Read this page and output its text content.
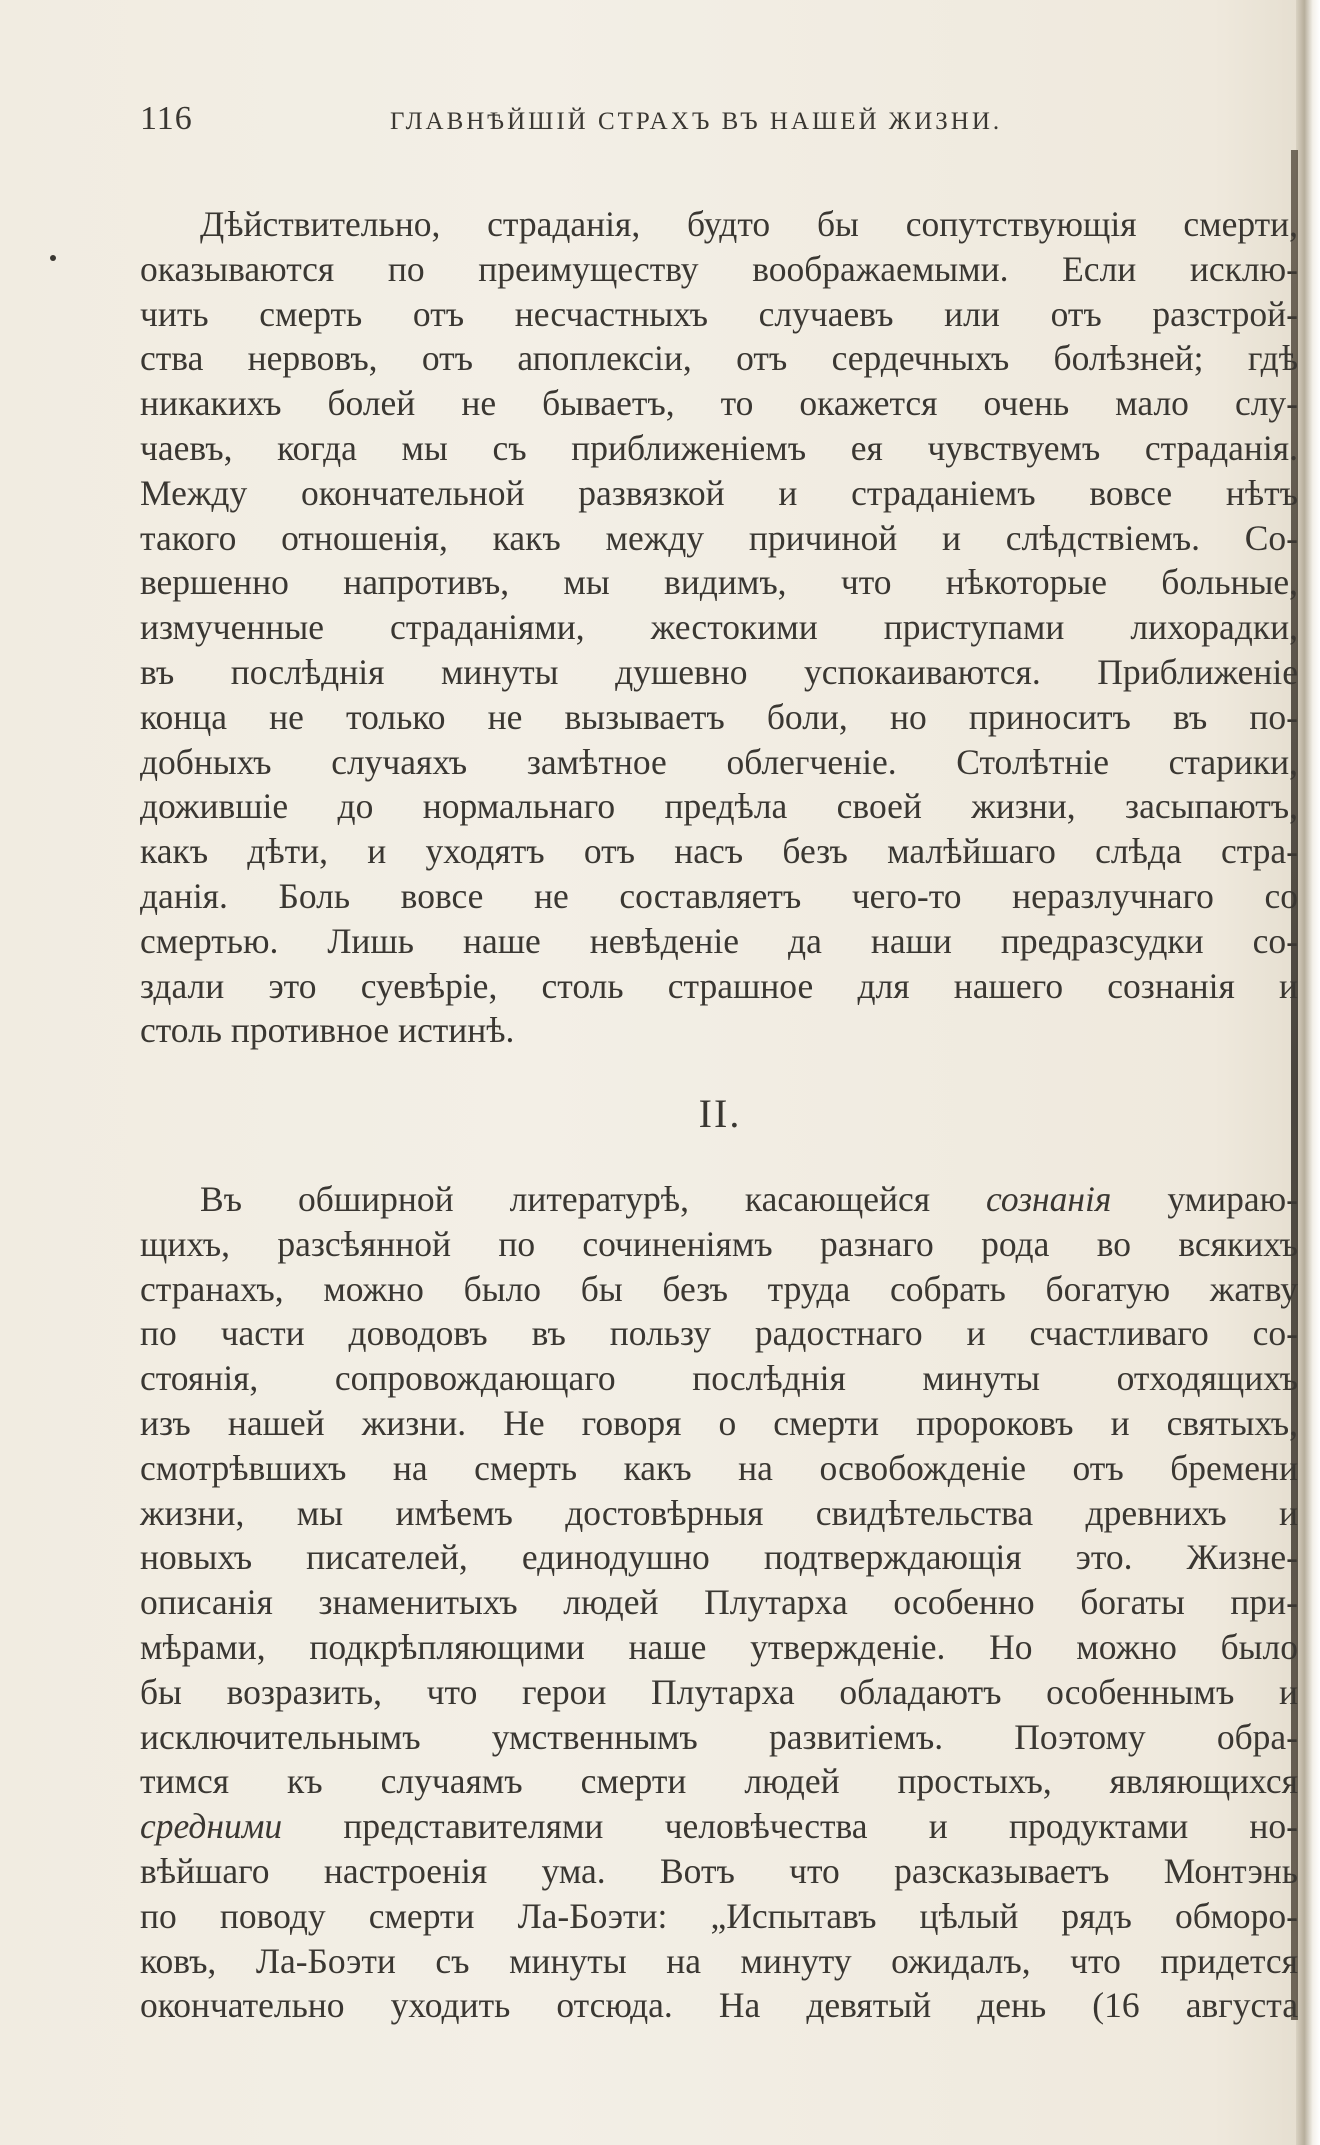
116	ГЛАВНѢЙШІЙ СТРАХЪ ВЪ НАШЕЙ ЖИЗНИ.

Дѣйствительно, страданія, будто бы сопутствующія смерти,
оказываются по преимуществу воображаемыми. Если исклю-
чить смерть отъ несчастныхъ случаевъ или отъ разстрой-
ства нервовъ, отъ апоплексіи, отъ сердечныхъ болѣзней; гдѣ
никакихъ болей не бываетъ, то окажется очень мало слу-
чаевъ, когда мы съ приближеніемъ ея чувствуемъ страданія.
Между окончательной развязкой и страданіемъ вовсе нѣтъ
такого отношенія, какъ между причиной и слѣдствіемъ. Со-
вершенно напротивъ, мы видимъ, что нѣкоторые больные,
измученные страданіями, жестокими приступами лихорадки,
въ послѣднія минуты душевно успокаиваются. Приближеніе
конца не только не вызываетъ боли, но приноситъ въ по-
добныхъ случаяхъ замѣтное облегченіе. Столѣтніе старики,
дожившіе до нормальнаго предѣла своей жизни, засыпаютъ,
какъ дѣти, и уходятъ отъ насъ безъ малѣйшаго слѣда стра-
данія. Боль вовсе не составляетъ чего-то неразлучнаго со
смертью. Лишь наше невѣденіе да наши предразсудки со-
здали это суевѣріе, столь страшное для нашего сознанія и
столь противное истинѣ.

II.

Въ обширной литературѣ, касающейся сознанія умираю-
щихъ, разсѣянной по сочиненіямъ разнаго рода во всякихъ
странахъ, можно было бы безъ труда собрать богатую жатву
по части доводовъ въ пользу радостнаго и счастливаго со-
стоянія, сопровождающаго послѣднія минуты отходящихъ
изъ нашей жизни. Не говоря о смерти пророковъ и святыхъ,
смотрѣвшихъ на смерть какъ на освобожденіе отъ бремени
жизни, мы имѣемъ достовѣрныя свидѣтельства древнихъ и
новыхъ писателей, единодушно подтверждающія это. Жизне-
описанія знаменитыхъ людей Плутарха особенно богаты при-
мѣрами, подкрѣпляющими наше утвержденіе. Но можно было
бы возразить, что герои Плутарха обладаютъ особеннымъ и
исключительнымъ умственнымъ развитіемъ. Поэтому обра-
тимся къ случаямъ смерти людей простыхъ, являющихся
средними представителями человѣчества и продуктами но-
вѣйшаго настроенія ума. Вотъ что разсказываетъ Монтэнь
по поводу смерти Ла-Боэти: „Испытавъ цѣлый рядъ обморо-
ковъ, Ла-Боэти съ минуты на минуту ожидалъ, что придется
окончательно уходить отсюда. На девятый день (16 августа
